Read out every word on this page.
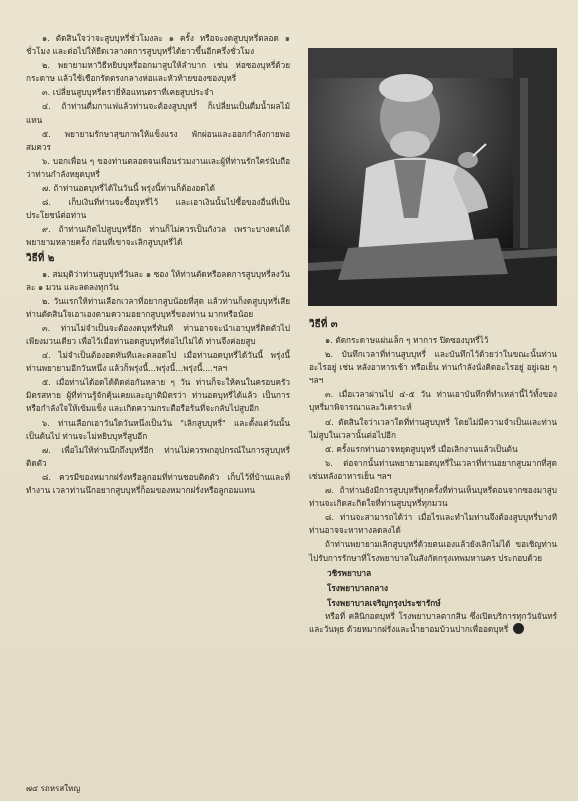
๑. ตัดสินใจว่าจะสูบบุหรี่ชั่วโมงละ ๑ ครั้ง หรือจะงดสูบบุหรี่ตลอด ๑ ชั่วโมง และต่อไปให้ยืดเวลางดการสูบบุหรี่ได้ยาวขึ้นอีกครึ่งชั่วโมง

๒. พยายามหาวิธีหยิบบุหรี่ออกมาสูบให้ลำบาก เช่น ห่อซองบุหรี่ด้วยกระดาษ แล้วใช้เชือกรัดตรงกลางห่อและหัวท้ายของซองบุหรี่

๓. เปลี่ยนสูบบุหรี่ตรายี่ห้อแทนตราที่เคยสูบประจำ

๔. ถ้าท่านดื่มกาแฟแล้วท่านจะต้องสูบบุหรี่ ก็เปลี่ยนเป็นดื่มน้ำผลไม้แทน

๕. พยายามรักษาสุขภาพให้แข็งแรง พักผ่อนและออกกำลังกายพอสมควร

๖. บอกเพื่อน ๆ ของท่านตลอดจนเพื่อนร่วมงานและผู้ที่ท่านรักใคร่นับถือว่าท่านกำลังหยุดบุหรี่

๗. ถ้าท่านอดบุหรี่ได้ในวันนี้ พรุ่งนี้ท่านก็ต้องอดได้

๘. เก็บเงินที่ท่านจะซื้อบุหรี่ไว้ และเอาเงินนั้นไปซื้อของอื่นที่เป็นประโยชน์ต่อท่าน

๙. ถ้าท่านเกิดไปสูบบุหรี่อีก ท่านก็ไม่ควรเป็นกังวล เพราะบางคนได้พยายามหลายครั้ง ก่อนที่เขาจะเลิกสูบบุหรี่ได้

วิธีที่ ๒

๑. สมมุติว่าท่านสูบบุหรี่วันละ ๑ ซอง ให้ท่านตัดหรือลดการสูบบุหรี่ลงวันละ ๑ มวน และลดลงทุกวัน

๒. วันแรกให้ท่านเลือกเวลาที่อยากสูบน้อยที่สุด แล้วท่านก็งดสูบบุหรี่เสีย ท่านตัดสินใจเอาเองตามความอยากสูบบุหรี่ของท่าน มากหรือน้อย

๓. ท่านไม่จำเป็นจะต้องงดบุหรี่ทันที ท่านอาจจะนำเอาบุหรี่ติดตัวไปเพียงมวนเดียว เพื่อไว้เมื่อท่านอดสูบบุหรี่ต่อไปไม่ได้ ท่านจึงค่อยสูบ

๔. ไม่จำเป็นต้องอดทันทีและตลอดไป เมื่อท่านอดบุหรี่ได้วันนี้ พรุ่งนี้ท่านพยายามอีกวันหนึ่ง แล้วก็พรุ่งนี้...พรุ่งนี้...พรุ่งนี้....ฯลฯ

๕. เมื่อท่านได้อดได้ติดต่อกันหลาย ๆ วัน ท่านก็จะให้คนในครอบครัว มิตรสหาย ผู้ที่ท่านรู้จักคุ้นเคยและญาติมิตรว่า ท่านอดบุหรี่ได้แล้ว เป็นการหรือกำลังใจให้เข้มแข็ง และเกิดความกระตือรือร้นที่จะกลับไปสูบอีก

๖. ท่านเลือกเอาวันใดวันหนึ่งเป็นวัน "เลิกสูบบุหรี่" และตั้งแต่วันนั้นเป็นต้นไป ท่านจะไม่หยิบบุหรี่สูบอีก

๗. เพื่อไม่ให้ท่านนึกถึงบุหรี่อีก ท่านไม่ควรพกอุปกรณ์ในการสูบบุหรี่ติดตัว

๘. ควรมีของหมากฝรั่งหรือลูกอมที่ท่านชอบติดตัว เก็บไว้ที่บ้านและที่ทำงาน เวลาท่านนึกอยากสูบบุหรี่ก็อมของหมากฝรั่งหรือลูกอมแทน

วิธีที่ ๓

๑. ตัดกระดาษแผ่นเล็ก ๆ ทาการ ปิดซองบุหรี่ไว้

๒. บันทึกเวลาที่ท่านสูบบุหรี่ และบันทึกไว้ด้วยว่าในขณะนั้นท่านอะไรอยู่ เช่น หลังอาหารเช้า หรือเย็น ท่านกำลังนั่งคิดอะไรอยู่ อยู่เฉย ๆ ฯลฯ

๓. เมื่อเวลาผ่านไป ๔-๕ วัน ท่านเอาบันทึกที่ทำเหล่านี้ไว้ทั้งของบุหรี่มาพิจารณาและวิเคราะห์

๔. ตัดสินใจว่าเวลาใดที่ท่านสูบบุหรี่ โดยไม่มีความจำเป็นและท่านไม่สูบในเวลานั้นต่อไปอีก

๕. ครั้งแรกท่านอาจหยุดสูบบุหรี่ เมื่อเลิกงานแล้วเป็นต้น

๖. ต่อจากนั้นท่านพยายามอดบุหรี่ในเวลาที่ท่านอยากสูบมากที่สุด เช่นหลังอาหารเย็น ฯลฯ

๗. ถ้าท่านยังมีการสูบบุหรี่ทุกครั้งที่ท่านเห็นบุหรี่ตอนจากซองมาสูบท่านจะเกิดสะกิดใจที่ท่านสูบบุหรี่ทุกมวน

๘. ท่านจะสามารถได้ว่า เมื่อไรและทำไมท่านจึงต้องสูบบุหรี่บางทีท่านอาจจะหาทางลดลงได้

ถ้าท่านพยายามเลิกสูบบุหรี่ด้วยตนเองแล้วยังเลิกไม่ได้ ขอเชิญท่านไปรับการรักษาที่โรงพยาบาลในสังกัดกรุงเทพมหานคร ประกอบด้วย

วชิรพยาบาล
โรงพยาบาลกลาง
โรงพยาบาลเจริญกรุงประชารักษ์

หรือที่ คลินิกอดบุหรี่ โรงพยาบาลตากสิน ซึ่งเปิดบริการทุกวันจันทร์และวันพุธ ด้วยหมากฝรั่งและน้ำยาอมบ้วนปากเพื่ออดบุหรี่

๗๔ รถหรสใหญ
